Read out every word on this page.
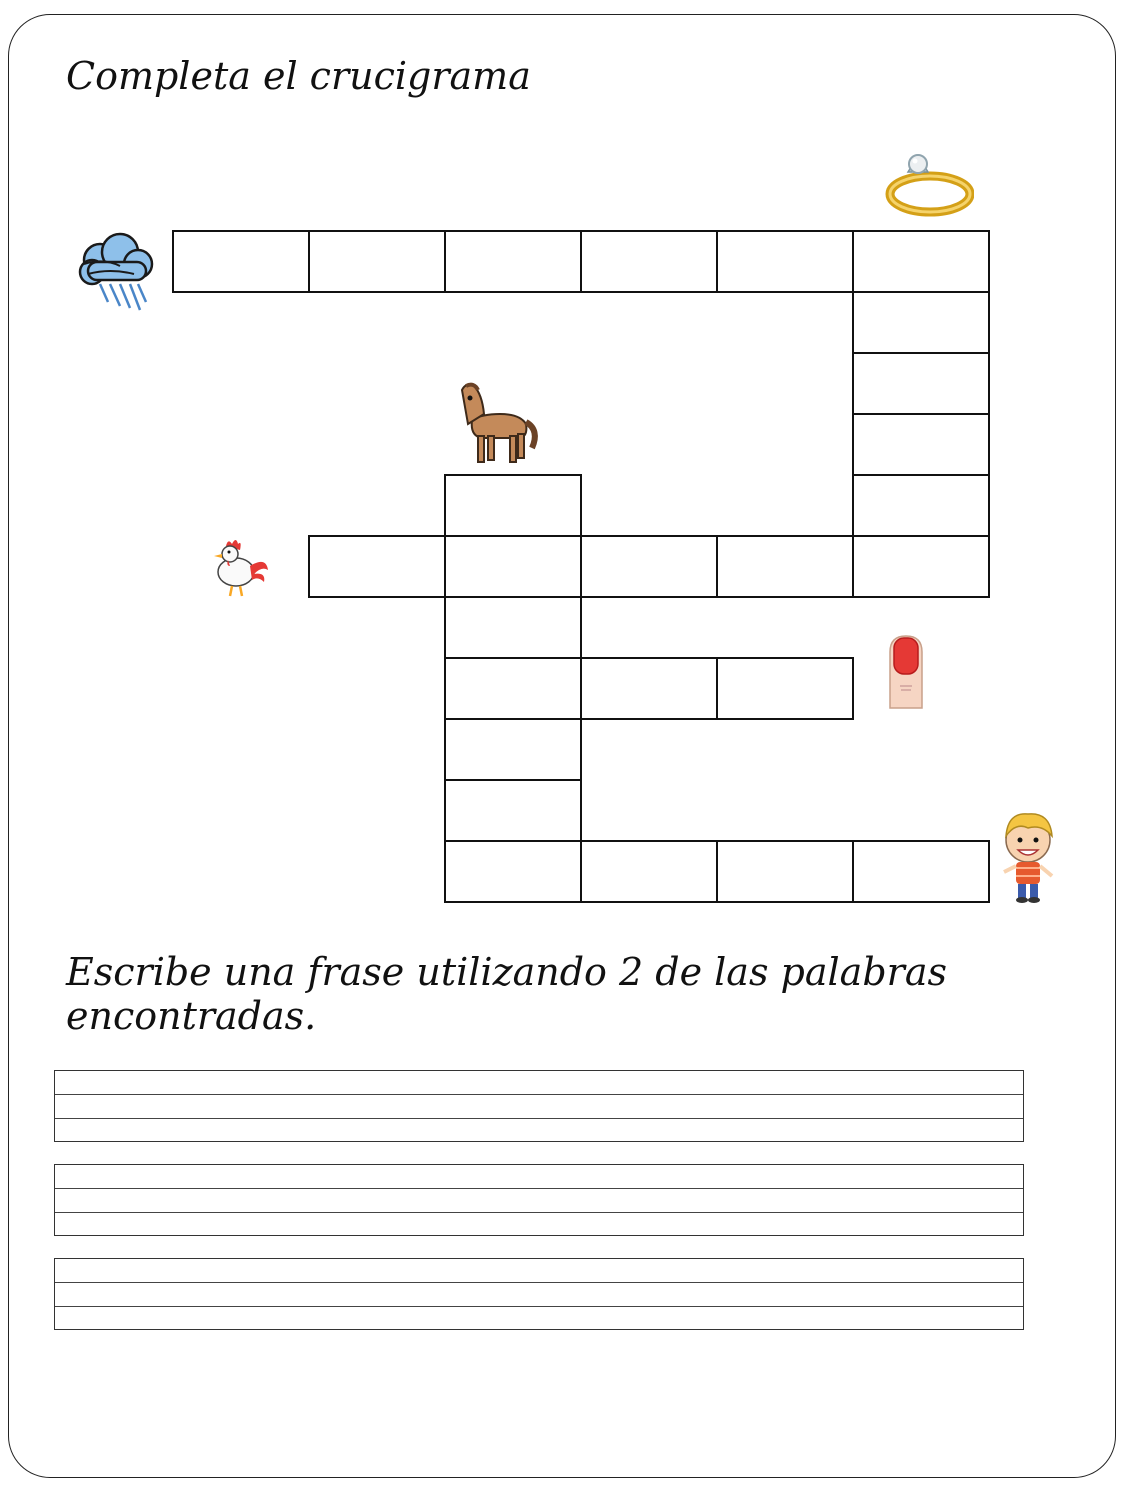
Completa el crucigrama
Escribe una frase utilizando 2 de las palabras encontradas.
